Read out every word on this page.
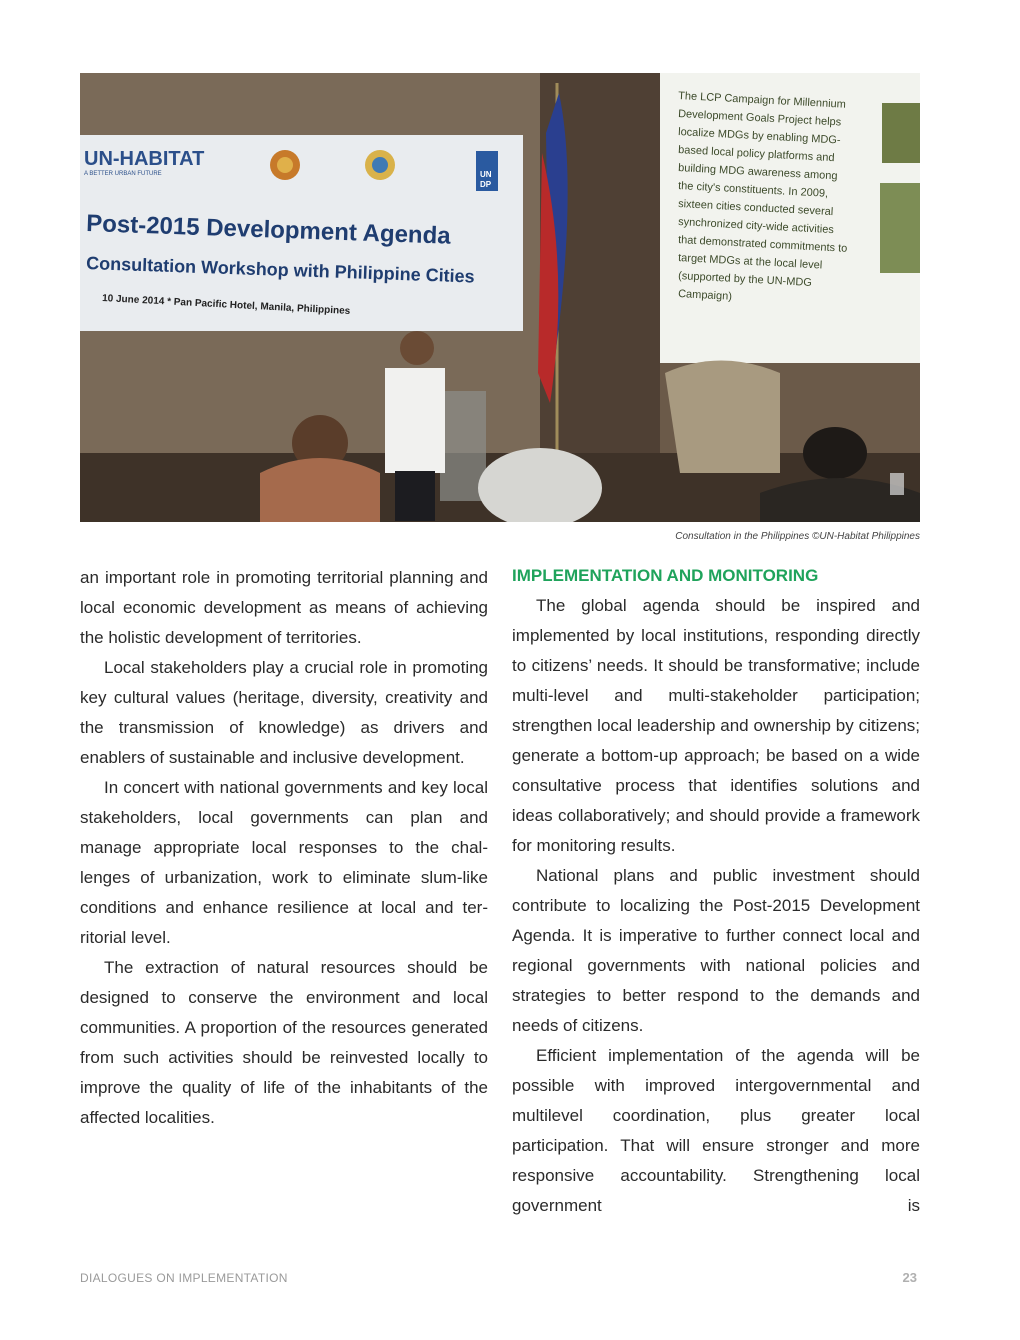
UN-HABITAT
A BETTER URBAN FUTURE	UN
DP
Post-2015 Development Agenda
Consultation Workshop with Philippine Cities
10 June 2014 * Pan Pacific Hotel, Manila, Philippines
The LCP Campaign for Millennium
Development Goals Project helps
localize MDGs by enabling MDG-
based local policy platforms and
building MDG awareness among
the city's constituents. In 2009,
sixteen cities conducted several
synchronized city-wide activities
that demonstrated commitments to
target MDGs at the local level
(supported by the UN-MDG
Campaign)
Consultation in the Philippines ©UN-Habitat Philippines

an important role in promoting territorial planning and local economic development as means of achieving the holistic development of territories.

Local stakeholders play a crucial role in promoting key cultural values (heritage, diversity, creativity and the transmission of knowledge) as drivers and enablers of sustainable and inclusive development.

In concert with national governments and key local stakeholders, local governments can plan and manage appropriate local responses to the challenges of urbanization, work to eliminate slum-like conditions and enhance resilience at local and territorial level.

The extraction of natural resources should be designed to conserve the environment and local communities. A proportion of the resources generated from such activities should be reinvested locally to improve the quality of life of the inhabitants of the affected localities.

IMPLEMENTATION AND MONITORING

The global agenda should be inspired and implemented by local institutions, responding directly to citizens’ needs. It should be transformative; include multi-level and multi-stakeholder participation; strengthen local leadership and ownership by citizens; generate a bottom-up approach; be based on a wide consultative process that identifies solutions and ideas collaboratively; and should provide a framework for monitoring results.

National plans and public investment should contribute to localizing the Post-2015 Development Agenda. It is imperative to further connect local and regional governments with national policies and strategies to better respond to the demands and needs of citizens.

Efficient implementation of the agenda will be possible with improved intergovernmental and multilevel coordination, plus greater local participation. That will ensure stronger and more responsive accountability. Strengthening local government is

DIALOGUES ON IMPLEMENTATION	23
